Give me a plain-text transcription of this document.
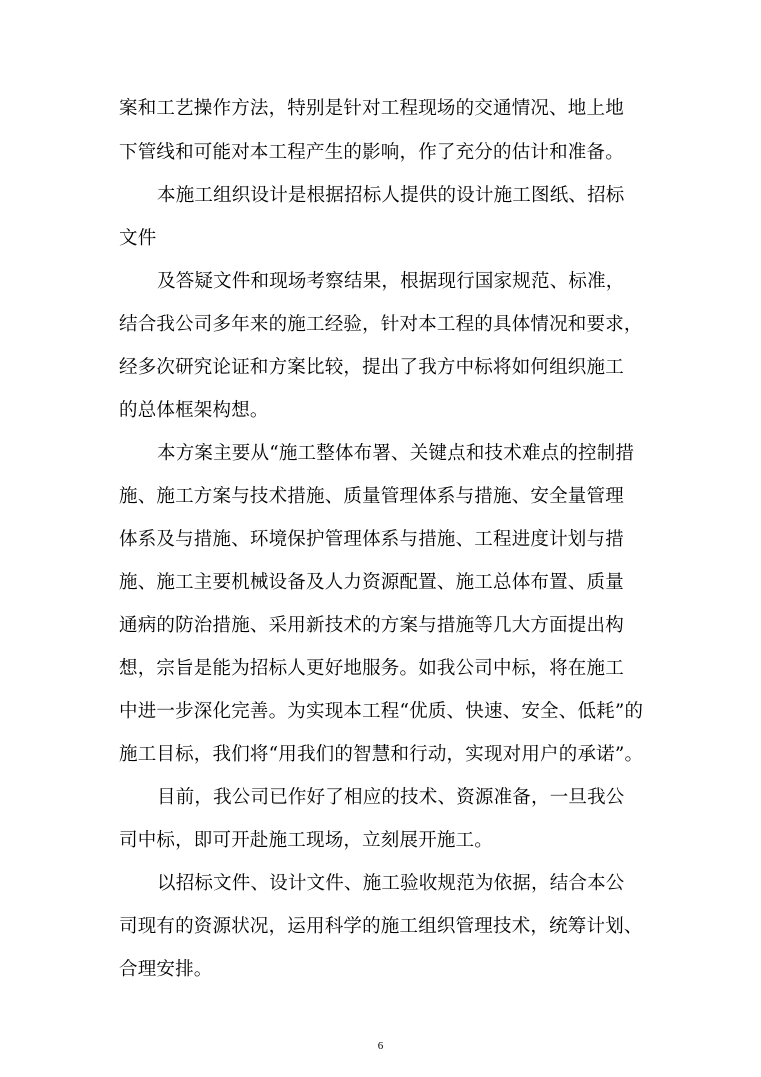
案和工艺操作方法，特别是针对工程现场的交通情况、地上地
下管线和可能对本工程产生的影响，作了充分的估计和准备。
本施工组织设计是根据招标人提供的设计施工图纸、招标
文件
及答疑文件和现场考察结果，根据现行国家规范、标准，
结合我公司多年来的施工经验，针对本工程的具体情况和要求，
经多次研究论证和方案比较，提出了我方中标将如何组织施工
的总体框架构想。
本方案主要从“施工整体布署、关键点和技术难点的控制措
施、施工方案与技术措施、质量管理体系与措施、安全量管理
体系及与措施、环境保护管理体系与措施、工程进度计划与措
施、施工主要机械设备及人力资源配置、施工总体布置、质量
通病的防治措施、采用新技术的方案与措施等几大方面提出构
想，宗旨是能为招标人更好地服务。如我公司中标，将在施工
中进一步深化完善。为实现本工程“优质、快速、安全、低耗”的
施工目标，我们将“用我们的智慧和行动，实现对用户的承诺”。
目前，我公司已作好了相应的技术、资源准备，一旦我公
司中标，即可开赴施工现场，立刻展开施工。
以招标文件、设计文件、施工验收规范为依据，结合本公
司现有的资源状况，运用科学的施工组织管理技术，统筹计划、
合理安排。
6
